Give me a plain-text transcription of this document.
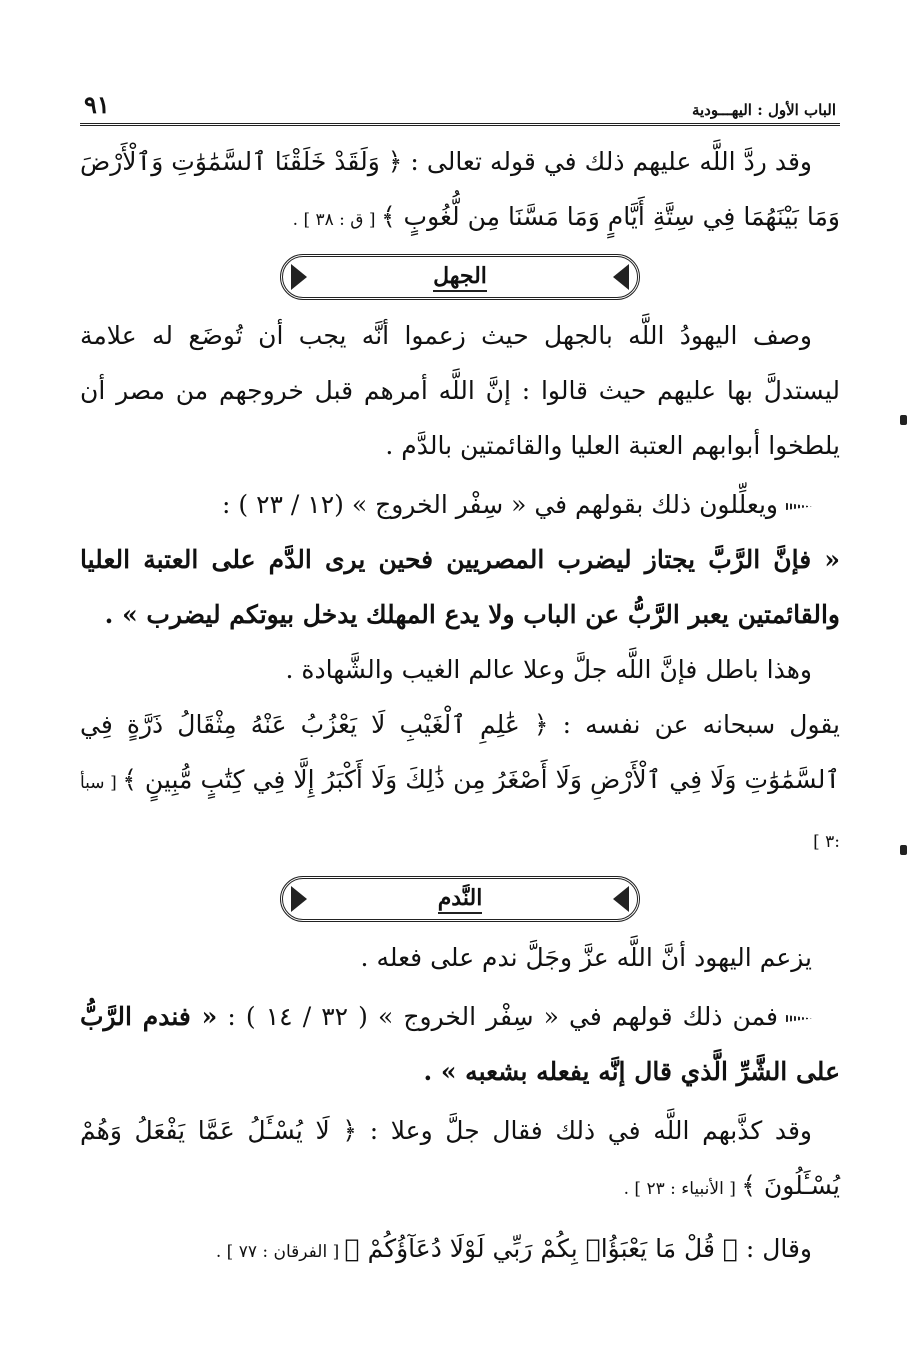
الباب الأول : اليهـــودية
٩١

وقد ردَّ اللَّه عليهم ذلك في قوله تعالى : ﴿ وَلَقَدْ خَلَقْنَا ٱلسَّمَٰوَٰتِ وَٱلْأَرْضَ وَمَا بَيْنَهُمَا فِي سِتَّةِ أَيَّامٍ وَمَا مَسَّنَا مِن لُّغُوبٍ ﴾ [ ق : ٣٨ ] .

الجهل

وصف اليهودُ اللَّه بالجهل حيث زعموا أنَّه يجب أن تُوضَع له علامة ليستدلَّ بها عليهم حيث قالوا : إنَّ اللَّه أمرهم قبل خروجهم من مصر أن يلطخوا أبوابهم العتبة العليا والقائمتين بالدَّم .

ويعلِّلون ذلك بقولهم في « سِفْر الخروج » (١٢ / ٢٣ ) :

« فإنَّ الرَّبَّ يجتاز ليضرب المصريين فحين يرى الدَّم على العتبة العليا والقائمتين يعبر الرَّبُّ عن الباب ولا يدع المهلك يدخل بيوتكم ليضرب » .

وهذا باطل فإنَّ اللَّه جلَّ وعلا عالم الغيب والشَّهادة .

يقول سبحانه عن نفسه : ﴿ عَٰلِمِ ٱلْغَيْبِ لَا يَعْزُبُ عَنْهُ مِثْقَالُ ذَرَّةٍ فِي ٱلسَّمَٰوَٰتِ وَلَا فِي ٱلْأَرْضِ وَلَا أَصْغَرُ مِن ذَٰلِكَ وَلَا أَكْبَرُ إِلَّا فِي كِتَٰبٍ مُّبِينٍ ﴾ [ سبأ :٣ ]

النَّدم

يزعم اليهود أنَّ اللَّه عزَّ وجَلَّ ندم على فعله .

فمن ذلك قولهم في « سِفْر الخروج » ( ٣٢ / ١٤ ) : « فندم الرَّبُّ على الشَّرِّ الَّذي قال إنَّه يفعله بشعبه » .

وقد كذَّبهم اللَّه في ذلك فقال جلَّ وعلا : ﴿ لَا يُسْـَٔلُ عَمَّا يَفْعَلُ وَهُمْ يُسْـَٔلُونَ ﴾ [ الأنبياء : ٢٣ ] .

وقال : ﴿ قُلْ مَا يَعْبَؤُا۟ بِكُمْ رَبِّي لَوْلَا دُعَآؤُكُمْ ﴾ [ الفرقان : ٧٧ ] .
